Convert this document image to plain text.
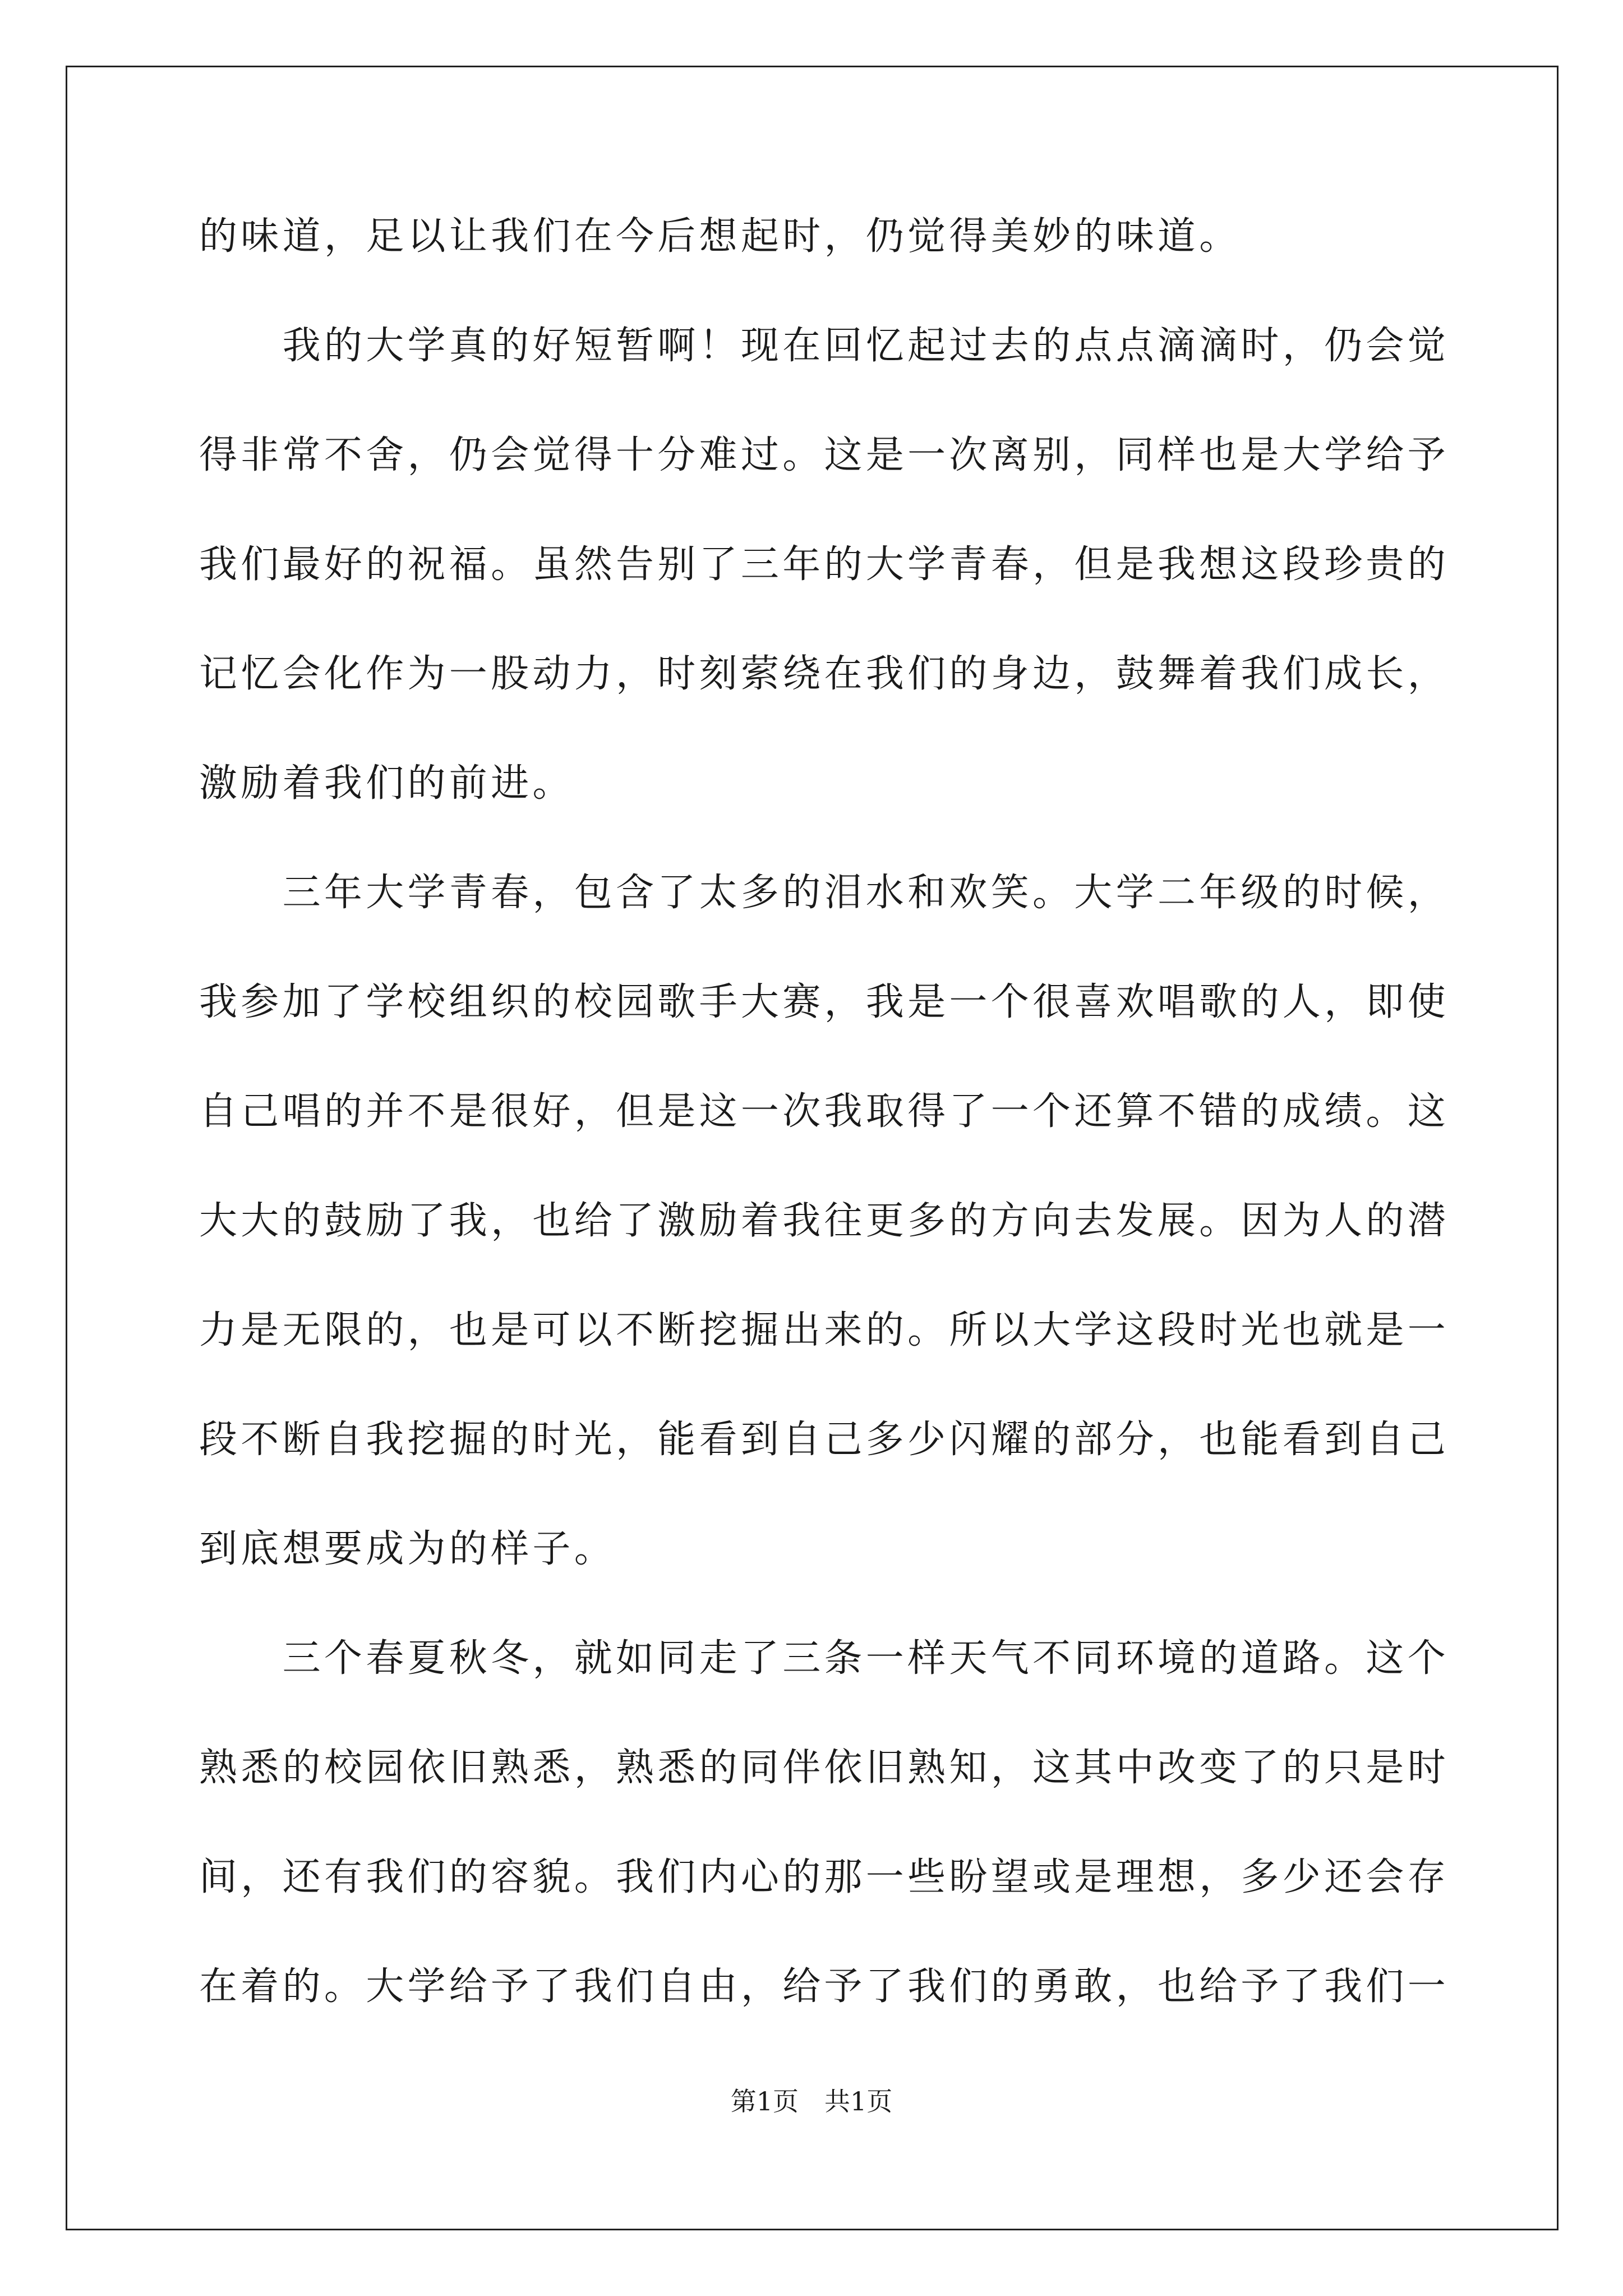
的味道，足以让我们在今后想起时，仍觉得美妙的味道。
　　我的大学真的好短暂啊！现在回忆起过去的点点滴滴时，仍会觉
得非常不舍，仍会觉得十分难过。这是一次离别，同样也是大学给予
我们最好的祝福。虽然告别了三年的大学青春，但是我想这段珍贵的
记忆会化作为一股动力，时刻萦绕在我们的身边，鼓舞着我们成长，
激励着我们的前进。
　　三年大学青春，包含了太多的泪水和欢笑。大学二年级的时候，
我参加了学校组织的校园歌手大赛，我是一个很喜欢唱歌的人，即使
自己唱的并不是很好，但是这一次我取得了一个还算不错的成绩。这
大大的鼓励了我，也给了激励着我往更多的方向去发展。因为人的潜
力是无限的，也是可以不断挖掘出来的。所以大学这段时光也就是一
段不断自我挖掘的时光，能看到自己多少闪耀的部分，也能看到自己
到底想要成为的样子。
　　三个春夏秋冬，就如同走了三条一样天气不同环境的道路。这个
熟悉的校园依旧熟悉，熟悉的同伴依旧熟知，这其中改变了的只是时
间，还有我们的容貌。我们内心的那一些盼望或是理想，多少还会存
在着的。大学给予了我们自由，给予了我们的勇敢，也给予了我们一
第1页　共1页
